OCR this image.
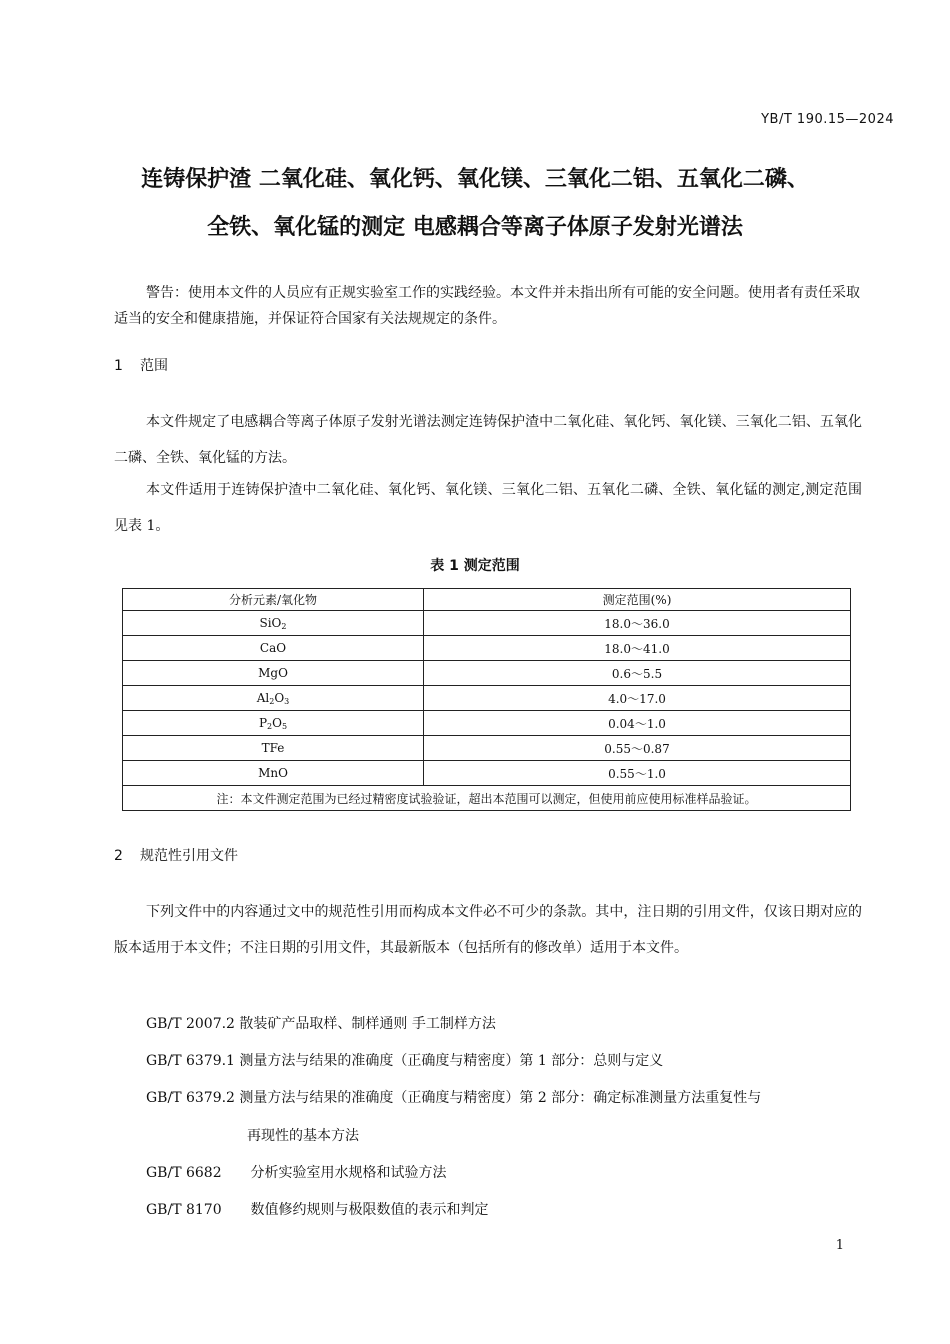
YB/T 190.15—2024
连铸保护渣 二氧化硅、氧化钙、氧化镁、三氧化二铝、五氧化二磷、
全铁、氧化锰的测定 电感耦合等离子体原子发射光谱法
警告：使用本文件的人员应有正规实验室工作的实践经验。本文件并未指出所有可能的安全问题。使用者有责任采取适当的安全和健康措施，并保证符合国家有关法规规定的条件。
1 范围
本文件规定了电感耦合等离子体原子发射光谱法测定连铸保护渣中二氧化硅、氧化钙、氧化镁、三氧化二铝、五氧化二磷、全铁、氧化锰的方法。
本文件适用于连铸保护渣中二氧化硅、氧化钙、氧化镁、三氧化二铝、五氧化二磷、全铁、氧化锰的测定,测定范围见表 1。
表 1 测定范围
分析元素/氧化物	测定范围(%)
SiO$_2$	18.0～36.0
CaO	18.0～41.0
MgO	0.6～5.5
$Al_2O_3$	4.0～17.0
$P_2O_5$	0.04～1.0
TFe	0.55～0.87
MnO	0.55～1.0
注：本文件测定范围为已经过精密度试验验证，超出本范围可以测定，但使用前应使用标准样品验证。	
2 规范性引用文件
下列文件中的内容通过文中的规范性引用而构成本文件必不可少的条款。其中，注日期的引用文件，仅该日期对应的版本适用于本文件；不注日期的引用文件，其最新版本（包括所有的修改单）适用于本文件。
GB/T 2007.2 散装矿产品取样、制样通则 手工制样方法
GB/T 6379.1 测量方法与结果的准确度（正确度与精密度）第 1 部分：总则与定义
GB/T 6379.2 测量方法与结果的准确度（正确度与精密度）第 2 部分：确定标准测量方法重复性与
再现性的基本方法
GB/T 6682 分析实验室用水规格和试验方法
GB/T 8170 数值修约规则与极限数值的表示和判定
1
